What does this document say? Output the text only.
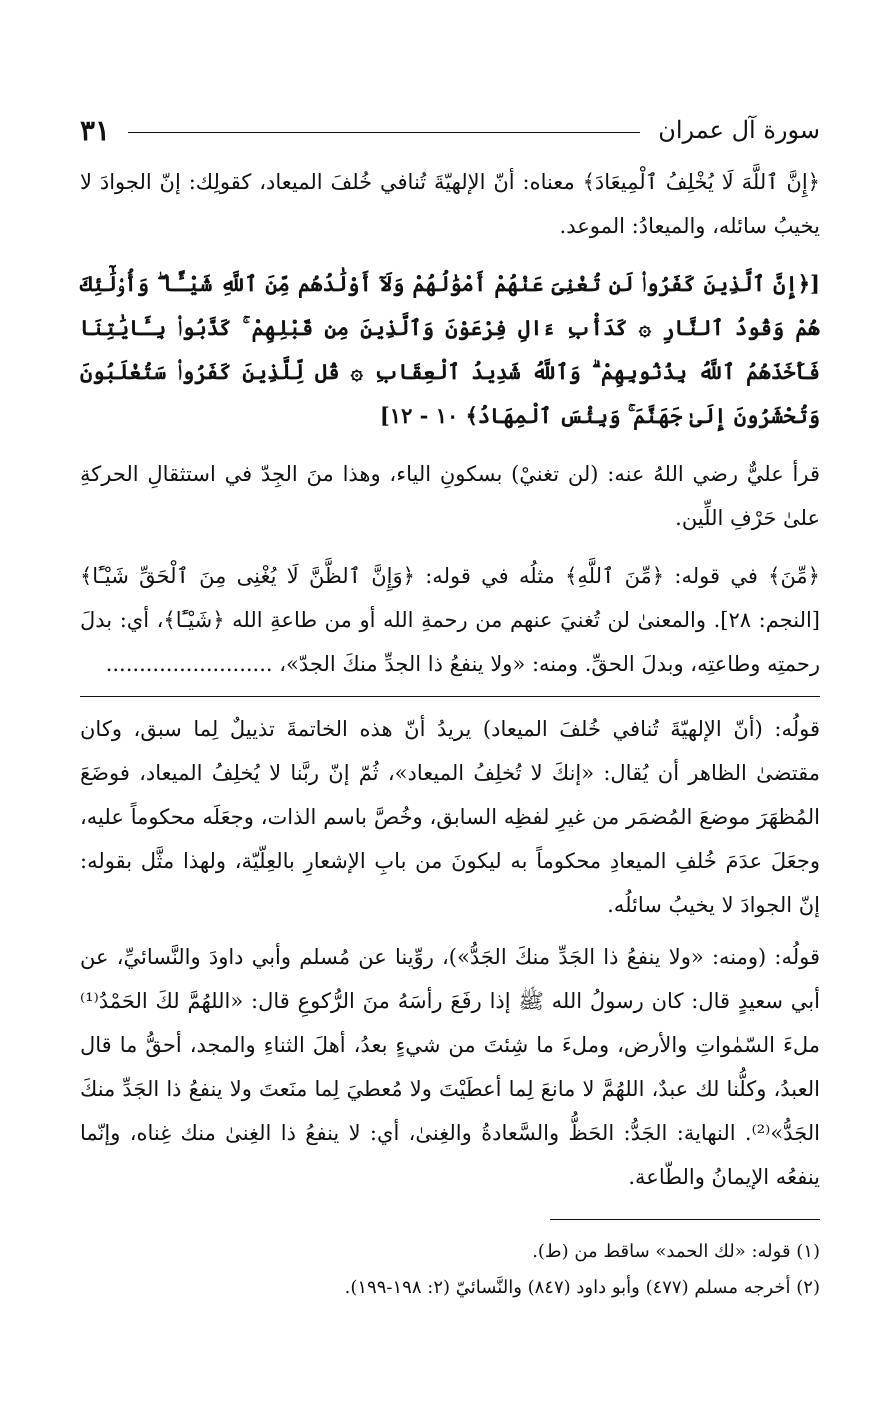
سورة آل عمران
٣١

﴿إِنَّ ٱللَّهَ لَا يُخْلِفُ ٱلْمِيعَادَ﴾ معناه: أنّ الإلهيّةَ تُنافي خُلفَ الميعاد، كقولِك: إنّ الجوادَ لا يخيبُ سائله، والميعادُ: الموعد.

[﴿إِنَّ ٱلَّذِينَ كَفَرُوا۟ لَن تُغْنِىَ عَنْهُمْ أَمْوَٰلُهُمْ وَلَآ أَوْلَٰدُهُم مِّنَ ٱللَّهِ شَيْـًٔا ۖ وَأُو۟لَٰٓئِكَ هُمْ وَقُودُ ٱلنَّارِ ۞ كَدَأْبِ ءَالِ فِرْعَوْنَ وَٱلَّذِينَ مِن قَبْلِهِمْ ۚ كَذَّبُوا۟ بِـَٔايَٰتِنَا فَأَخَذَهُمُ ٱللَّهُ بِذُنُوبِهِمْ ۗ وَٱللَّهُ شَدِيدُ ٱلْعِقَابِ ۞ قُل لِّلَّذِينَ كَفَرُوا۟ سَتُغْلَبُونَ وَتُحْشَرُونَ إِلَىٰ جَهَنَّمَ ۚ وَبِئْسَ ٱلْمِهَادُ﴾ ١٠ - ١٢]

قرأ عليٌّ رضي اللهُ عنه: (لن تغنيْ) بسكونِ الياء، وهذا منَ الجِدّ في استثقالِ الحركةِ علىٰ حَرْفِ اللِّين.

﴿مِّنَ﴾ في قوله: ﴿مِّنَ ٱللَّهِ﴾ مثلُه في قوله: ﴿وَإِنَّ ٱلظَّنَّ لَا يُغْنِى مِنَ ٱلْحَقِّ شَيْـًٔا﴾ [النجم: ٢٨]. والمعنىٰ لن تُغنيَ عنهم من رحمةِ الله أو من طاعةِ الله ﴿شَيْـًٔا﴾، أي: بدلَ رحمتِه وطاعتِه، وبدلَ الحقِّ. ومنه: «ولا ينفعُ ذا الجدِّ منكَ الجدّ»، .........................

قولُه: (أنّ الإلهيّةَ تُنافي خُلفَ الميعاد) يريدُ أنّ هذه الخاتمةَ تذييلٌ لِما سبق، وكان مقتضىٰ الظاهر أن يُقال: «إنكَ لا تُخلِفُ الميعاد»، ثُمّ إنّ ربَّنا لا يُخلِفُ الميعاد، فوضَعَ المُظهَرَ موضعَ المُضمَر من غيرِ لفظِه السابق، وخُصَّ باسم الذات، وجعَلَه محكوماً عليه، وجعَلَ عدَمَ خُلفِ الميعادِ محكوماً به ليكونَ من بابِ الإشعارِ بالعِلّيّة، ولهذا مثَّل بقوله: إنّ الجوادَ لا يخيبُ سائلُه.

قولُه: (ومنه: «ولا ينفعُ ذا الجَدِّ منكَ الجَدُّ»)، روِّينا عن مُسلم وأبي داودَ والنَّسائيِّ، عن أبي سعيدٍ قال: كان رسولُ الله ﷺ إذا رفَعَ رأسَهُ منَ الرُّكوعِ قال: «اللهُمَّ لكَ الحَمْدُ⁽¹⁾ ملءَ السّمٰواتِ والأرض، وملءَ ما شِئتَ من شيءٍ بعدُ، أهلَ الثناءِ والمجد، أحقُّ ما قال العبدُ، وكلُّنا لك عبدٌ، اللهُمَّ لا مانعَ لِما أعطَيْتَ ولا مُعطيَ لِما منَعتَ ولا ينفعُ ذا الجَدِّ منكَ الجَدُّ»⁽²⁾. النهاية: الجَدُّ: الحَظُّ والسَّعادةُ والغِنىٰ، أي: لا ينفعُ ذا الغِنىٰ منك غِناه، وإنّما ينفعُه الإيمانُ والطّاعة.

(١) قوله: «لك الحمد» ساقط من (ط).

(٢) أخرجه مسلم (٤٧٧) وأبو داود (٨٤٧) والنَّسائيّ (٢: ١٩٨-١٩٩).
